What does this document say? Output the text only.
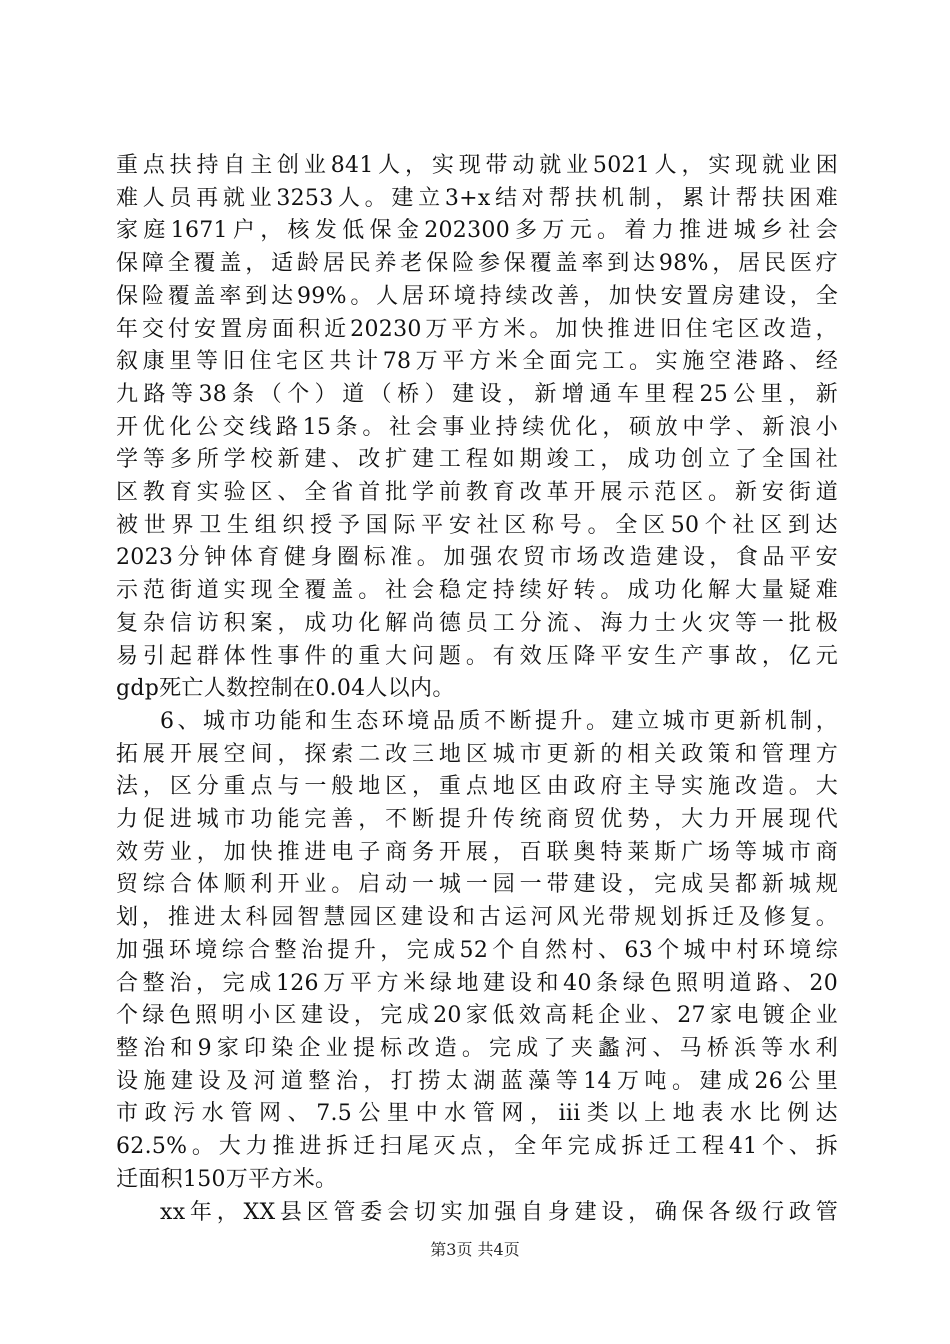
重点扶持自主创业841人，实现带动就业5021人，实现就业困
难人员再就业3253人。建立3+x结对帮扶机制，累计帮扶困难
家庭1671户，核发低保金202300多万元。着力推进城乡社会
保障全覆盖，适龄居民养老保险参保覆盖率到达98%，居民医疗
保险覆盖率到达99%。人居环境持续改善，加快安置房建设，全
年交付安置房面积近20230万平方米。加快推进旧住宅区改造，
叙康里等旧住宅区共计78万平方米全面完工。实施空港路、经
九路等38条（个）道（桥）建设，新增通车里程25公里，新
开优化公交线路15条。社会事业持续优化，硕放中学、新浪小
学等多所学校新建、改扩建工程如期竣工，成功创立了全国社
区教育实验区、全省首批学前教育改革开展示范区。新安街道
被世界卫生组织授予国际平安社区称号。全区50个社区到达
2023分钟体育健身圈标准。加强农贸市场改造建设，食品平安
示范街道实现全覆盖。社会稳定持续好转。成功化解大量疑难
复杂信访积案，成功化解尚德员工分流、海力士火灾等一批极
易引起群体性事件的重大问题。有效压降平安生产事故，亿元
gdp死亡人数控制在0.04人以内。
6、城市功能和生态环境品质不断提升。建立城市更新机制，
拓展开展空间，探索二改三地区城市更新的相关政策和管理方
法，区分重点与一般地区，重点地区由政府主导实施改造。大
力促进城市功能完善，不断提升传统商贸优势，大力开展现代
效劳业，加快推进电子商务开展，百联奥特莱斯广场等城市商
贸综合体顺利开业。启动一城一园一带建设，完成吴都新城规
划，推进太科园智慧园区建设和古运河风光带规划拆迁及修复。
加强环境综合整治提升，完成52个自然村、63个城中村环境综
合整治，完成126万平方米绿地建设和40条绿色照明道路、20
个绿色照明小区建设，完成20家低效高耗企业、27家电镀企业
整治和9家印染企业提标改造。完成了夹蠡河、马桥浜等水利
设施建设及河道整治，打捞太湖蓝藻等14万吨。建成26公里
市政污水管网、7.5公里中水管网，iii类以上地表水比例达
62.5%。大力推进拆迁扫尾灭点，全年完成拆迁工程41个、拆
迁面积150万平方米。
xx年，XX县区管委会切实加强自身建设，确保各级行政管
第3页 共4页
